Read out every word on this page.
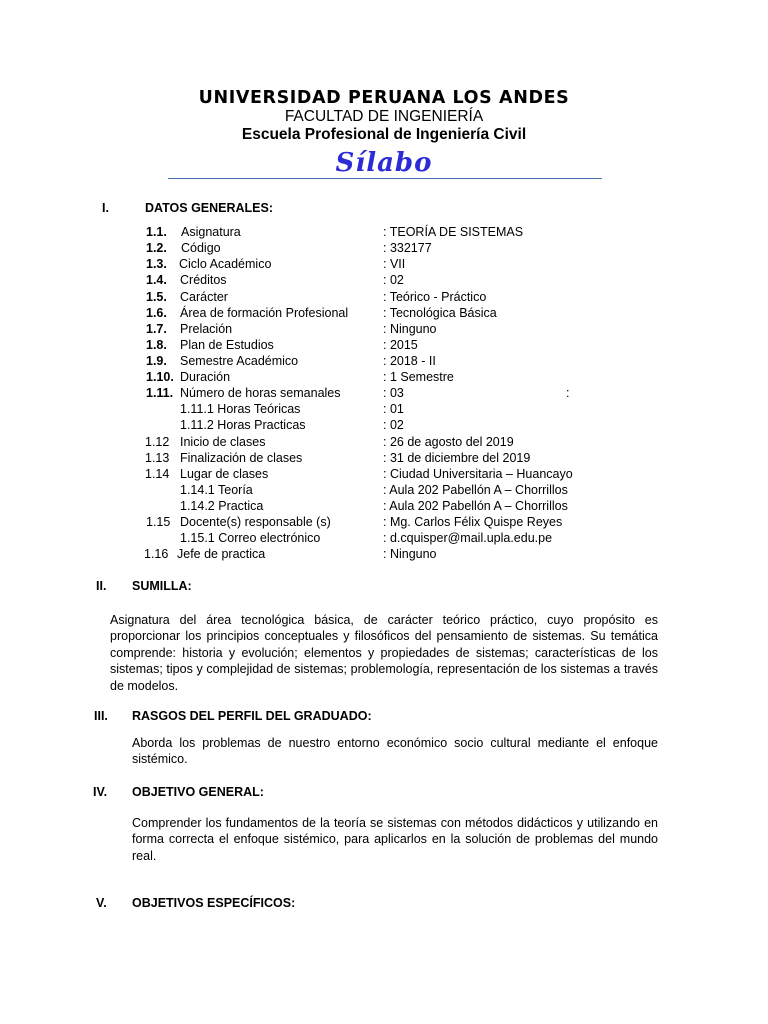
UNIVERSIDAD PERUANA LOS ANDES
FACULTAD DE INGENIERÍA
Escuela Profesional de Ingeniería Civil
Sílabo
I.	DATOS GENERALES:
1.1. Asignatura	: TEORÍA DE SISTEMAS
1.2. Código	: 332177
1.3. Ciclo Académico	: VII
1.4. Créditos	: 02
1.5. Carácter	: Teórico - Práctico
1.6. Área de formación Profesional	: Tecnológica Básica
1.7. Prelación	: Ninguno
1.8. Plan de Estudios	: 2015
1.9. Semestre Académico	: 2018 - II
1.10. Duración	: 1 Semestre
1.11. Número de horas semanales	: 03	:
1.11.1 Horas Teóricas	: 01
1.11.2 Horas Practicas	: 02
1.12 Inicio de clases	: 26 de agosto del 2019
1.13 Finalización de clases	: 31 de diciembre del 2019
1.14 Lugar de clases	: Ciudad Universitaria – Huancayo
1.14.1 Teoría	: Aula 202 Pabellón A – Chorrillos
1.14.2 Practica	: Aula 202 Pabellón A – Chorrillos
1.15 Docente(s) responsable (s)	: Mg. Carlos Félix Quispe Reyes
1.15.1 Correo electrónico	: d.cquisper@mail.upla.edu.pe
1.16 Jefe de practica	: Ninguno
II. SUMILLA:
Asignatura del área tecnológica básica, de carácter teórico práctico, cuyo propósito es proporcionar los principios conceptuales y filosóficos del pensamiento de sistemas. Su temática comprende: historia y evolución; elementos y propiedades de sistemas; características de los sistemas; tipos y complejidad de sistemas; problemología, representación de los sistemas a través de modelos.
III. RASGOS DEL PERFIL DEL GRADUADO:
Aborda los problemas de nuestro entorno económico socio cultural mediante el enfoque sistémico.
IV. OBJETIVO GENERAL:
Comprender los fundamentos de la teoría se sistemas con métodos didácticos y utilizando en forma correcta el enfoque sistémico, para aplicarlos en la solución de problemas del mundo real.
V. OBJETIVOS ESPECÍFICOS:
